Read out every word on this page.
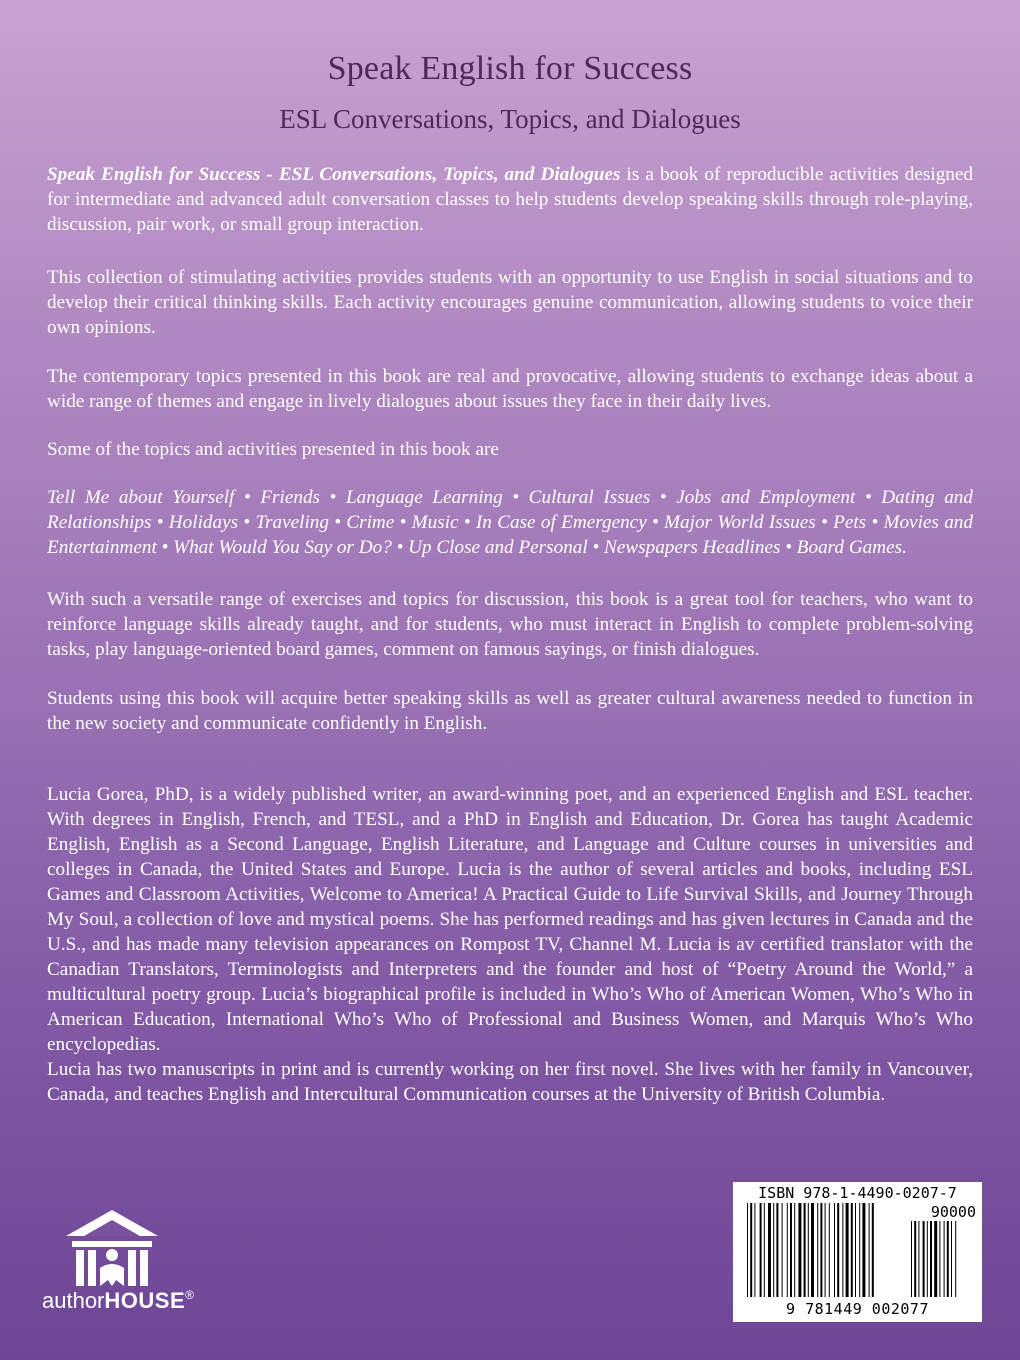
Speak English for Success
ESL Conversations, Topics, and Dialogues

Speak English for Success - ESL Conversations, Topics, and Dialogues is a book of reproducible activities designed for intermediate and advanced adult conversation classes to help students develop speaking skills through role-playing, discussion, pair work, or small group interaction.

This collection of stimulating activities provides students with an opportunity to use English in social situations and to develop their critical thinking skills. Each activity encourages genuine communication, allowing students to voice their own opinions.

The contemporary topics presented in this book are real and provocative, allowing students to exchange ideas about a wide range of themes and engage in lively dialogues about issues they face in their daily lives.

Some of the topics and activities presented in this book are

Tell Me about Yourself • Friends • Language Learning • Cultural Issues • Jobs and Employment • Dating and Relationships • Holidays • Traveling • Crime • Music • In Case of Emergency • Major World Issues • Pets • Movies and Entertainment • What Would You Say or Do? • Up Close and Personal • Newspapers Headlines • Board Games.

With such a versatile range of exercises and topics for discussion, this book is a great tool for teachers, who want to reinforce language skills already taught, and for students, who must interact in English to complete problem-solving tasks, play language-oriented board games, comment on famous sayings, or finish dialogues.

Students using this book will acquire better speaking skills as well as greater cultural awareness needed to function in the new society and communicate confidently in English.

Lucia Gorea, PhD, is a widely published writer, an award-winning poet, and an experienced English and ESL teacher. With degrees in English, French, and TESL, and a PhD in English and Education, Dr. Gorea has taught Academic English, English as a Second Language, English Literature, and Language and Culture courses in universities and colleges in Canada, the United States and Europe. Lucia is the author of several articles and books, including ESL Games and Classroom Activities, Welcome to America! A Practical Guide to Life Survival Skills, and Journey Through My Soul, a collection of love and mystical poems. She has performed readings and has given lectures in Canada and the U.S., and has made many television appearances on Rompost TV, Channel M. Lucia is av certified translator with the Canadian Translators, Terminologists and Interpreters and the founder and host of “Poetry Around the World,” a multicultural poetry group. Lucia’s biographical profile is included in Who’s Who of American Women, Who’s Who in American Education, International Who’s Who of Professional and Business Women, and Marquis Who’s Who encyclopedias.

Lucia has two manuscripts in print and is currently working on her first novel. She lives with her family in Vancouver, Canada, and teaches English and Intercultural Communication courses at the University of British Columbia.

authorHOUSE®
ISBN 978-1-4490-0207-7
90000
9 781449 002077
